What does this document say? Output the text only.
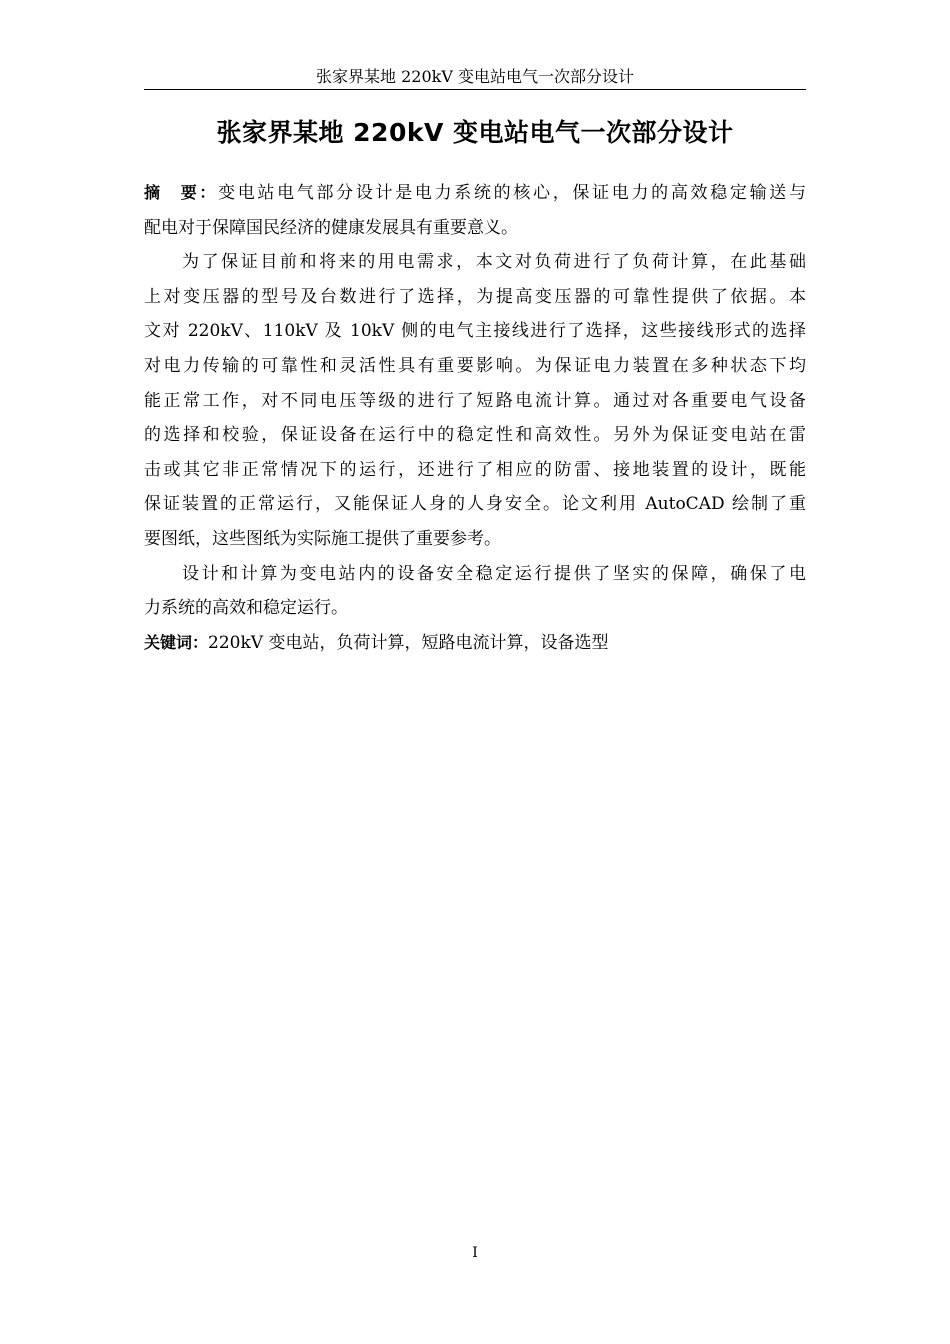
张家界某地 220kV 变电站电气一次部分设计
张家界某地 220kV 变电站电气一次部分设计

摘要：变电站电气部分设计是电力系统的核心，保证电力的高效稳定输送与
配电对于保障国民经济的健康发展具有重要意义。

为了保证目前和将来的用电需求，本文对负荷进行了负荷计算，在此基础
上对变压器的型号及台数进行了选择，为提高变压器的可靠性提供了依据。本
文对 220kV、110kV 及 10kV 侧的电气主接线进行了选择，这些接线形式的选择
对电力传输的可靠性和灵活性具有重要影响。为保证电力装置在多种状态下均
能正常工作，对不同电压等级的进行了短路电流计算。通过对各重要电气设备
的选择和校验，保证设备在运行中的稳定性和高效性。另外为保证变电站在雷
击或其它非正常情况下的运行，还进行了相应的防雷、接地装置的设计，既能
保证装置的正常运行，又能保证人身的人身安全。论文利用 AutoCAD 绘制了重
要图纸，这些图纸为实际施工提供了重要参考。

设计和计算为变电站内的设备安全稳定运行提供了坚实的保障，确保了电
力系统的高效和稳定运行。

关键词：220kV 变电站，负荷计算，短路电流计算，设备选型

I
